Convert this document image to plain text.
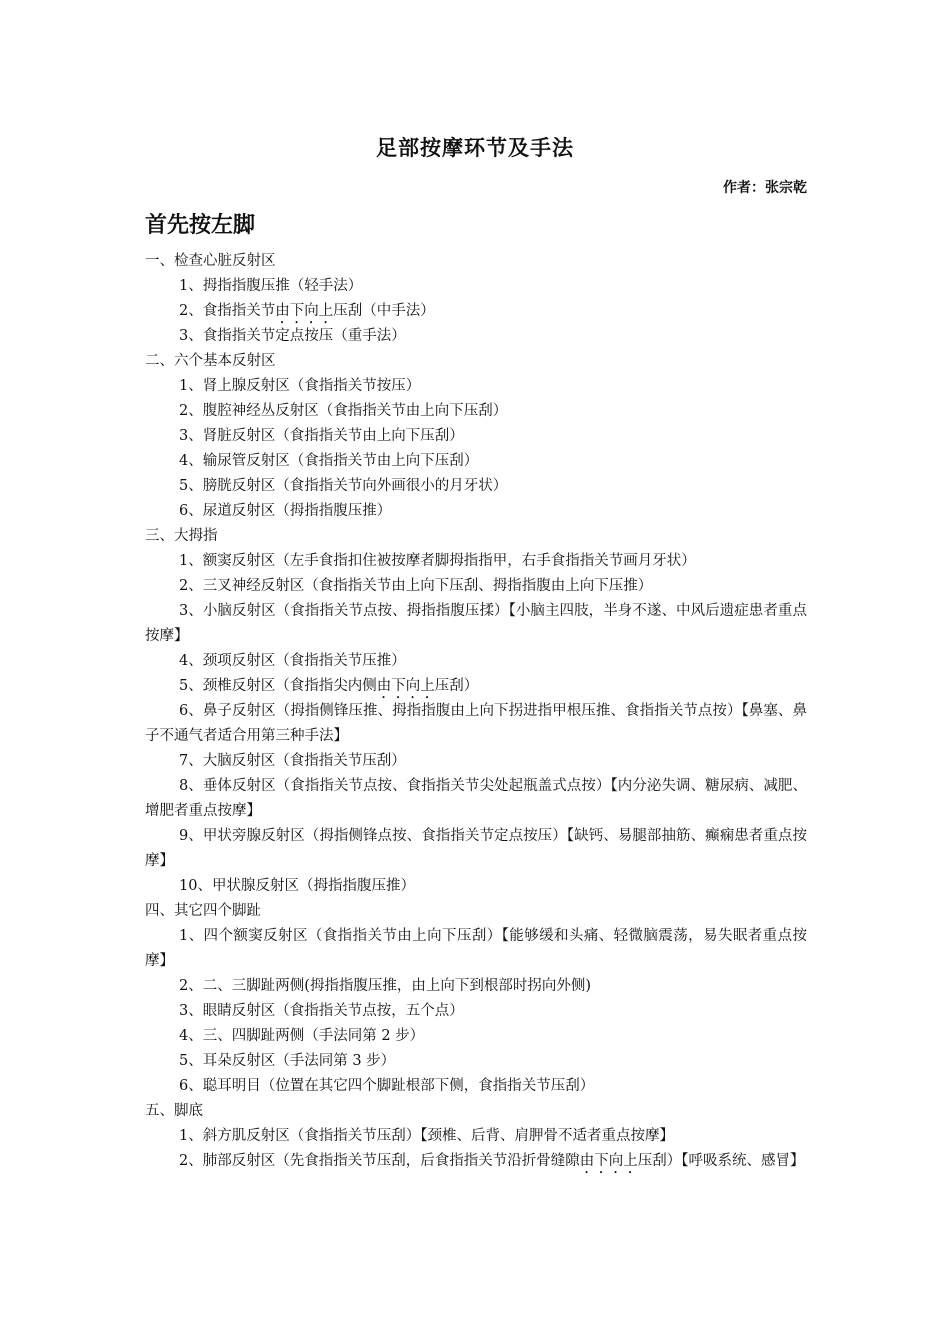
足部按摩环节及手法
作者：张宗乾
首先按左脚
一、检查心脏反射区
1、拇指指腹压推（轻手法）
2、食指指关节由下向上压刮（中手法）
3、食指指关节定点按压（重手法）
二、六个基本反射区
1、肾上腺反射区（食指指关节按压）
2、腹腔神经丛反射区（食指指关节由上向下压刮）
3、肾脏反射区（食指指关节由上向下压刮）
4、输尿管反射区（食指指关节由上向下压刮）
5、膀胱反射区（食指指关节向外画很小的月牙状）
6、尿道反射区（拇指指腹压推）
三、大拇指
1、额窦反射区（左手食指扣住被按摩者脚拇指指甲，右手食指指关节画月牙状）
2、三叉神经反射区（食指指关节由上向下压刮、拇指指腹由上向下压推）
3、小脑反射区（食指指关节点按、拇指指腹压揉）【小脑主四肢，半身不遂、中风后遗症患者重点按摩】
4、颈项反射区（食指指关节压推）
5、颈椎反射区（食指指尖内侧由下向上压刮）
6、鼻子反射区（拇指侧锋压推、拇指指腹由上向下拐进指甲根压推、食指指关节点按）【鼻塞、鼻子不通气者适合用第三种手法】
7、大脑反射区（食指指关节压刮）
8、垂体反射区（食指指关节点按、食指指关节尖处起瓶盖式点按）【内分泌失调、糖尿病、减肥、增肥者重点按摩】
9、甲状旁腺反射区（拇指侧锋点按、食指指关节定点按压）【缺钙、易腿部抽筋、癫痫患者重点按摩】
10、甲状腺反射区（拇指指腹压推）
四、其它四个脚趾
1、四个额窦反射区（食指指关节由上向下压刮）【能够缓和头痛、轻微脑震荡，易失眠者重点按摩】
2、二、三脚趾两侧(拇指指腹压推，由上向下到根部时拐向外侧)
3、眼睛反射区（食指指关节点按，五个点）
4、三、四脚趾两侧（手法同第 2 步）
5、耳朵反射区（手法同第 3 步）
6、聪耳明目（位置在其它四个脚趾根部下侧，食指指关节压刮）
五、脚底
1、斜方肌反射区（食指指关节压刮）【颈椎、后背、肩胛骨不适者重点按摩】
2、肺部反射区（先食指指关节压刮，后食指指关节沿折骨缝隙由下向上压刮）【呼吸系统、感冒】
